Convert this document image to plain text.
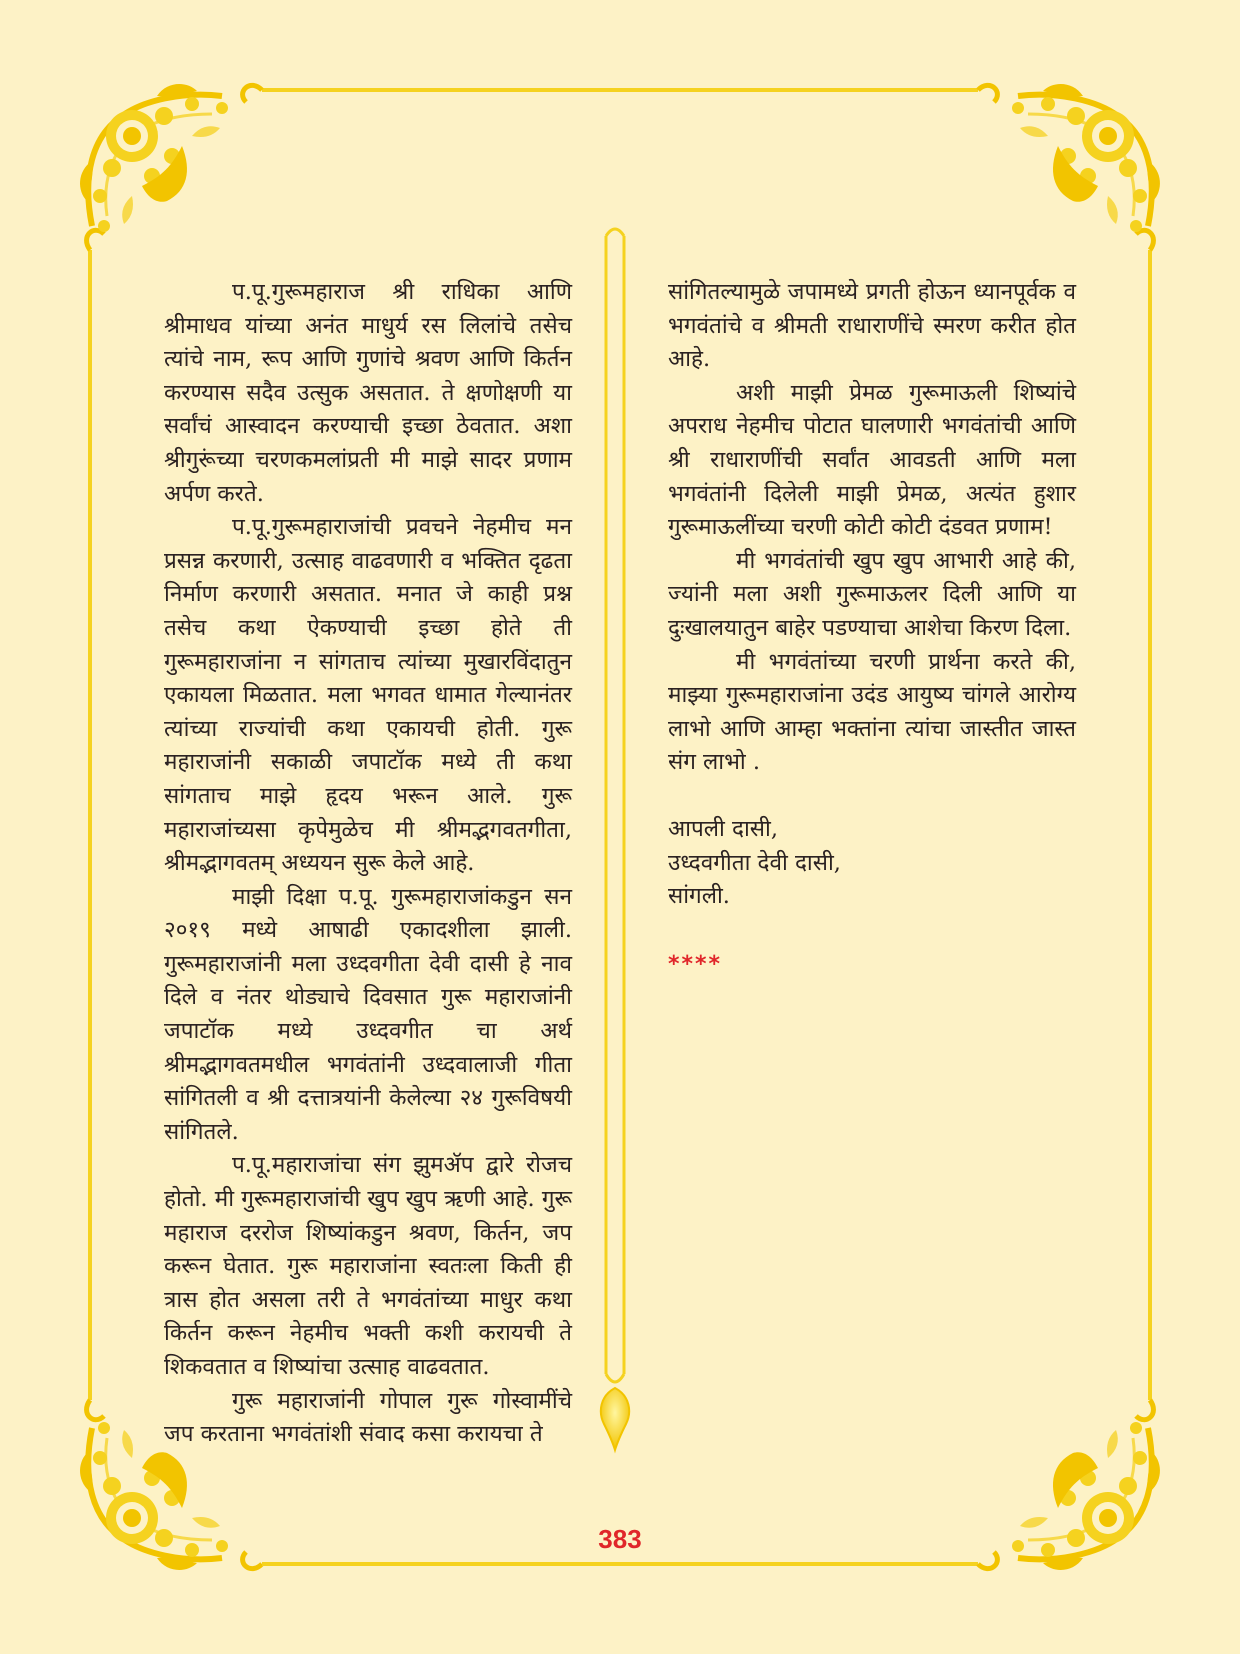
प.पू.गुरूमहाराज श्री राधिका आणि श्रीमाधव यांच्या अनंत माधुर्य रस लिलांचे तसेच त्यांचे नाम, रूप आणि गुणांचे श्रवण आणि किर्तन करण्यास सदैव उत्सुक असतात. ते क्षणोक्षणी या सर्वांचं आस्वादन करण्याची इच्छा ठेवतात. अशा श्रीगुरूंच्या चरणकमलांप्रती मी माझे सादर प्रणाम अर्पण करते.

प.पू.गुरूमहाराजांची प्रवचने नेहमीच मन प्रसन्न करणारी, उत्साह वाढवणारी व भक्तित दृढता निर्माण करणारी असतात. मनात जे काही प्रश्न तसेच कथा ऐकण्याची इच्छा होते ती गुरूमहाराजांना न सांगताच त्यांच्या मुखारविंदातुन एकायला मिळतात. मला भगवत धामात गेल्यानंतर त्यांच्या राज्यांची कथा एकायची होती. गुरू महाराजांनी सकाळी जपाटॉक मध्ये ती कथा सांगताच माझे हृदय भरून आले. गुरू महाराजांच्यसा कृपेमुळेच मी श्रीमद्भगवतगीता, श्रीमद्भागवतम् अध्ययन सुरू केले आहे.

माझी दिक्षा प.पू. गुरूमहाराजांकडुन सन २०१९ मध्ये आषाढी एकादशीला झाली. गुरूमहाराजांनी मला उध्दवगीता देवी दासी हे नाव दिले व नंतर थोड्याचे दिवसात गुरू महाराजांनी जपाटॉक मध्ये उध्दवगीत चा अर्थ श्रीमद्भागवतमधील भगवंतांनी उध्दवालाजी गीता सांगितली व श्री दत्तात्रयांनी केलेल्या २४ गुरूविषयी सांगितले.

प.पू.महाराजांचा संग झुमॲप द्वारे रोजच होतो. मी गुरूमहाराजांची खुप खुप ऋणी आहे. गुरू महाराज दररोज शिष्यांकडुन श्रवण, किर्तन, जप करून घेतात. गुरू महाराजांना स्वतःला किती ही त्रास होत असला तरी ते भगवंतांच्या माधुर कथा किर्तन करून नेहमीच भक्ती कशी करायची ते शिकवतात व शिष्यांचा उत्साह वाढवतात.

गुरू महाराजांनी गोपाल गुरू गोस्वामींचे जप करताना भगवंतांशी संवाद कसा करायचा ते

सांगितल्यामुळे जपामध्ये प्रगती होऊन ध्यानपूर्वक व भगवंतांचे व श्रीमती राधाराणींचे स्मरण करीत होत आहे.

अशी माझी प्रेमळ गुरूमाऊली शिष्यांचे अपराध नेहमीच पोटात घालणारी भगवंतांची आणि श्री राधाराणींची सर्वांत आवडती आणि मला भगवंतांनी दिलेली माझी प्रेमळ, अत्यंत हुशार गुरूमाऊलींच्या चरणी कोटी कोटी दंडवत प्रणाम!

मी भगवंतांची खुप खुप आभारी आहे की, ज्यांनी मला अशी गुरूमाऊलर दिली आणि या दुःखालयातुन बाहेर पडण्याचा आशेचा किरण दिला.

मी भगवंतांच्या चरणी प्रार्थना करते की, माझ्या गुरूमहाराजांना उदंड आयुष्य चांगले आरोग्य लाभो आणि आम्हा भक्तांना त्यांचा जास्तीत जास्त संग लाभो .

आपली दासी,
उध्दवगीता देवी दासी,
सांगली.
****
383
